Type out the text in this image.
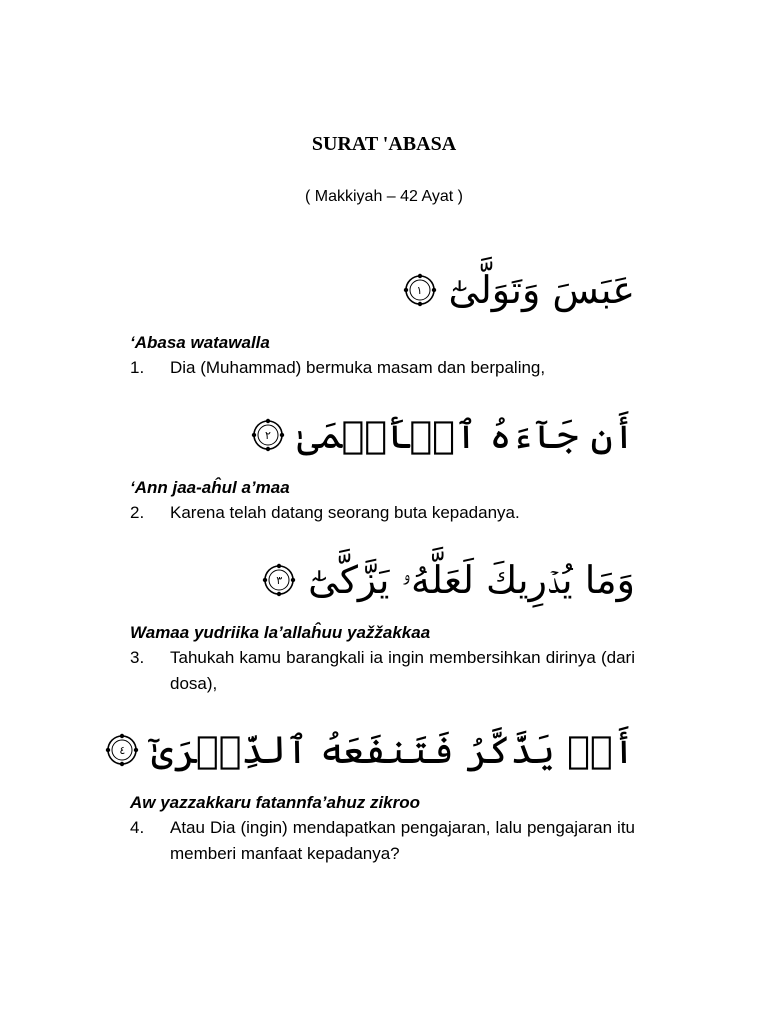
SURAT 'ABASA
( Makkiyah – 42 Ayat )
١ عَبَسَ وَتَوَلَّىٰٓ
‘Abasa watawalla
1.	Dia (Muhammad) bermuka masam dan berpaling,
٢ أَن جَآءَهُ ٱلۡأَعۡمَىٰ
‘Ann jaa-aĥul a’maa
2.	Karena telah datang seorang buta kepadanya.
٣ وَمَا يُدۡرِيكَ لَعَلَّهُۥ يَزَّكَّىٰٓ
Wamaa yudriika la’allaĥuu yažžakkaa
3.	Tahukah kamu barangkali ia ingin membersihkan dirinya (dari dosa),
٤ أَوۡ يَذَّكَّرُ فَتَنفَعَهُ ٱلذِّكۡرَىٰٓ
Aw yazzakkaru fatannfa’ahuz zikroo
4.	Atau Dia (ingin) mendapatkan pengajaran, lalu pengajaran itu memberi manfaat kepadanya?
